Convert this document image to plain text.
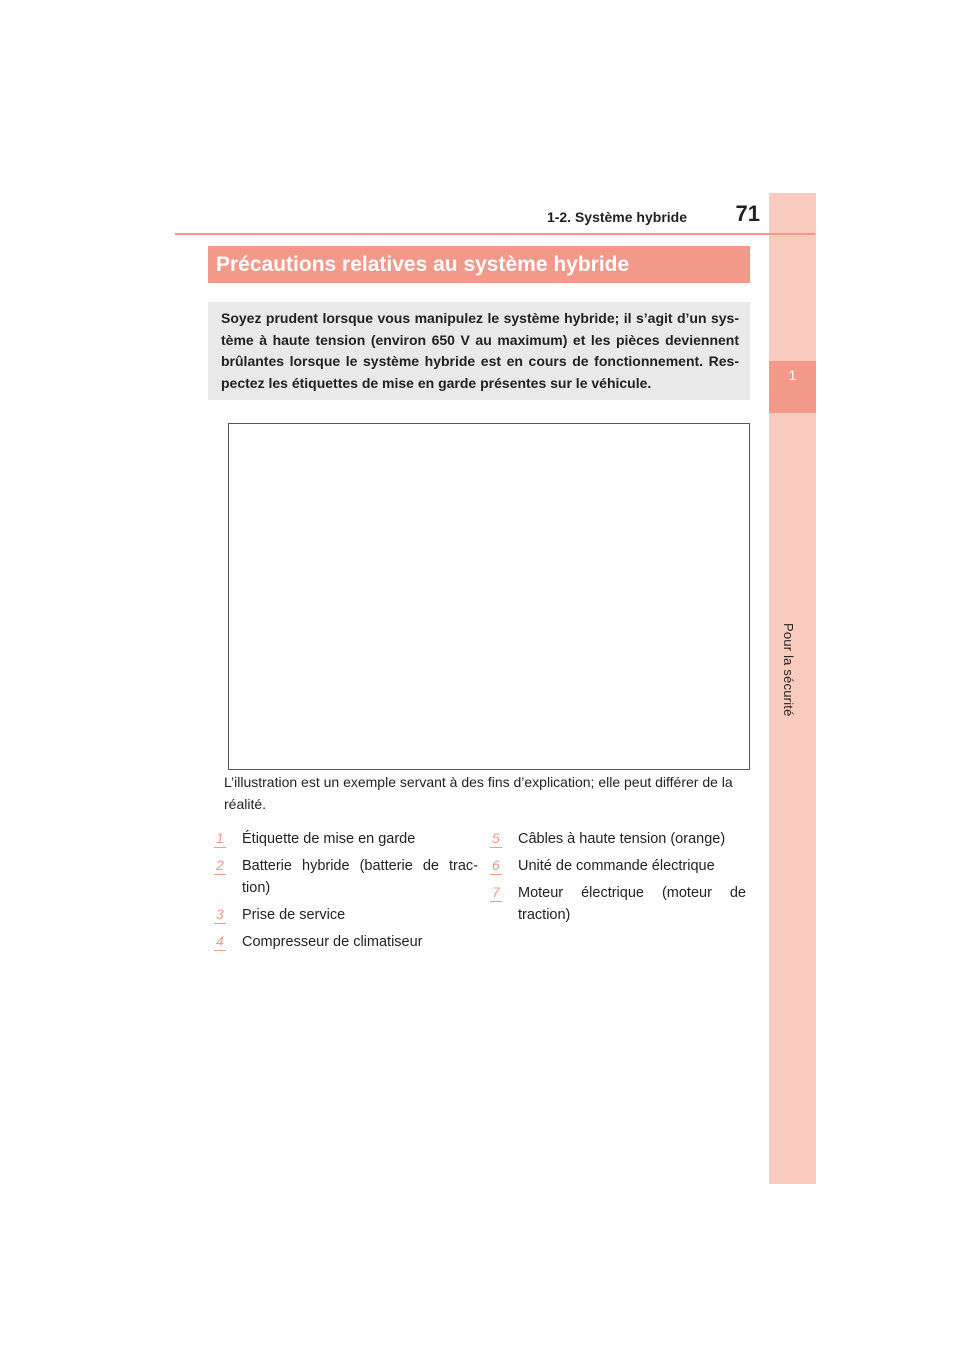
1
Pour la sécurité
1-2. Système hybride	71
Précautions relatives au système hybride

Soyez prudent lorsque vous manipulez le système hybride; il s’agit d’un sys-tème à haute tension (environ 650 V au maximum) et les pièces deviennent brûlantes lorsque le système hybride est en cours de fonctionnement. Res-pectez les étiquettes de mise en garde présentes sur le véhicule.

L’illustration est un exemple servant à des fins d’explication; elle peut différer de la réalité.

1 Étiquette de mise en garde
2 Batterie hybride (batterie de trac-tion)
3 Prise de service
4 Compresseur de climatiseur
5 Câbles à haute tension (orange)
6 Unité de commande électrique
7 Moteur électrique (moteur de traction)
